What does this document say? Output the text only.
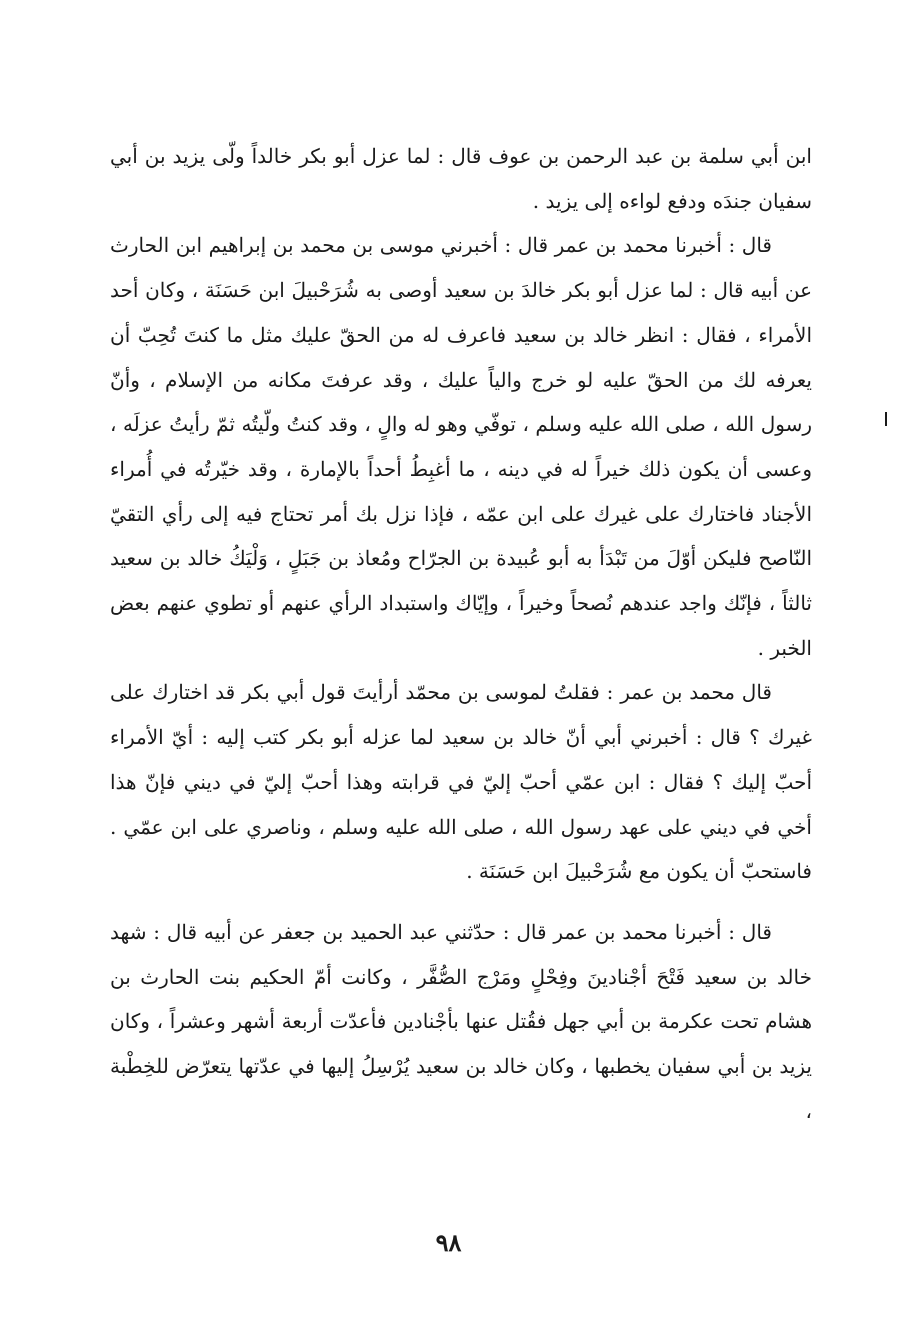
ابن أبي سلمة بن عبد الرحمن بن عوف قال : لما عزل أبو بكر خالداً ولّى يزيد بن أبي سفيان جندَه ودفع لواءه إلى يزيد .

قال : أخبرنا محمد بن عمر قال : أخبرني موسى بن محمد بن إبراهيم ابن الحارث عن أبيه قال : لما عزل أبو بكر خالدَ بن سعيد أوصى به شُرَحْبيلَ ابن حَسَنَة ، وكان أحد الأمراء ، فقال : انظر خالد بن سعيد فاعرف له من الحقّ عليك مثل ما كنتَ تُحِبّ أن يعرفه لك من الحقّ عليه لو خرج والياً عليك ، وقد عرفتَ مكانه من الإسلام ، وأنّ رسول الله ، صلى الله عليه وسلم ، توفّي وهو له والٍ ، وقد كنتُ ولّيتُه ثمّ رأيتُ عزلَه ، وعسى أن يكون ذلك خيراً له في دينه ، ما أغبِطُ أحداً بالإمارة ، وقد خيّرتُه في أُمراء الأجناد فاختارك على غيرك على ابن عمّه ، فإذا نزل بك أمر تحتاج فيه إلى رأي التقيّ النّاصح فليكن أوّلَ من تَبْدَأ به أبو عُبيدة بن الجرّاح ومُعاذ بن جَبَلٍ ، وَلْيَكُ خالد بن سعيد ثالثاً ، فإنّك واجد عندهم نُصحاً وخيراً ، وإيّاك واستبداد الرأي عنهم أو تطوي عنهم بعض الخبر .

قال محمد بن عمر : فقلتُ لموسى بن محمّد أرأيتَ قول أبي بكر قد اختارك على غيرك ؟ قال : أخبرني أبي أنّ خالد بن سعيد لما عزله أبو بكر كتب إليه : أيّ الأمراء أحبّ إليك ؟ فقال : ابن عمّي أحبّ إليّ في قرابته وهذا أحبّ إليّ في ديني فإنّ هذا أخي في ديني على عهد رسول الله ، صلى الله عليه وسلم ، وناصري على ابن عمّي . فاستحبّ أن يكون مع شُرَحْبيلَ ابن حَسَنَة .

قال : أخبرنا محمد بن عمر قال : حدّثني عبد الحميد بن جعفر عن أبيه قال : شهد خالد بن سعيد فَتْحَ أجْنادينَ وفِحْلٍ ومَرْج الصُّفَّر ، وكانت أمّ الحكيم بنت الحارث بن هشام تحت عكرمة بن أبي جهل فقُتل عنها بأجْنادين فأعدّت أربعة أشهر وعشراً ، وكان يزيد بن أبي سفيان يخطبها ، وكان خالد بن سعيد يُرْسِلُ إليها في عدّتها يتعرّض للخِطْبة ،

٩٨
